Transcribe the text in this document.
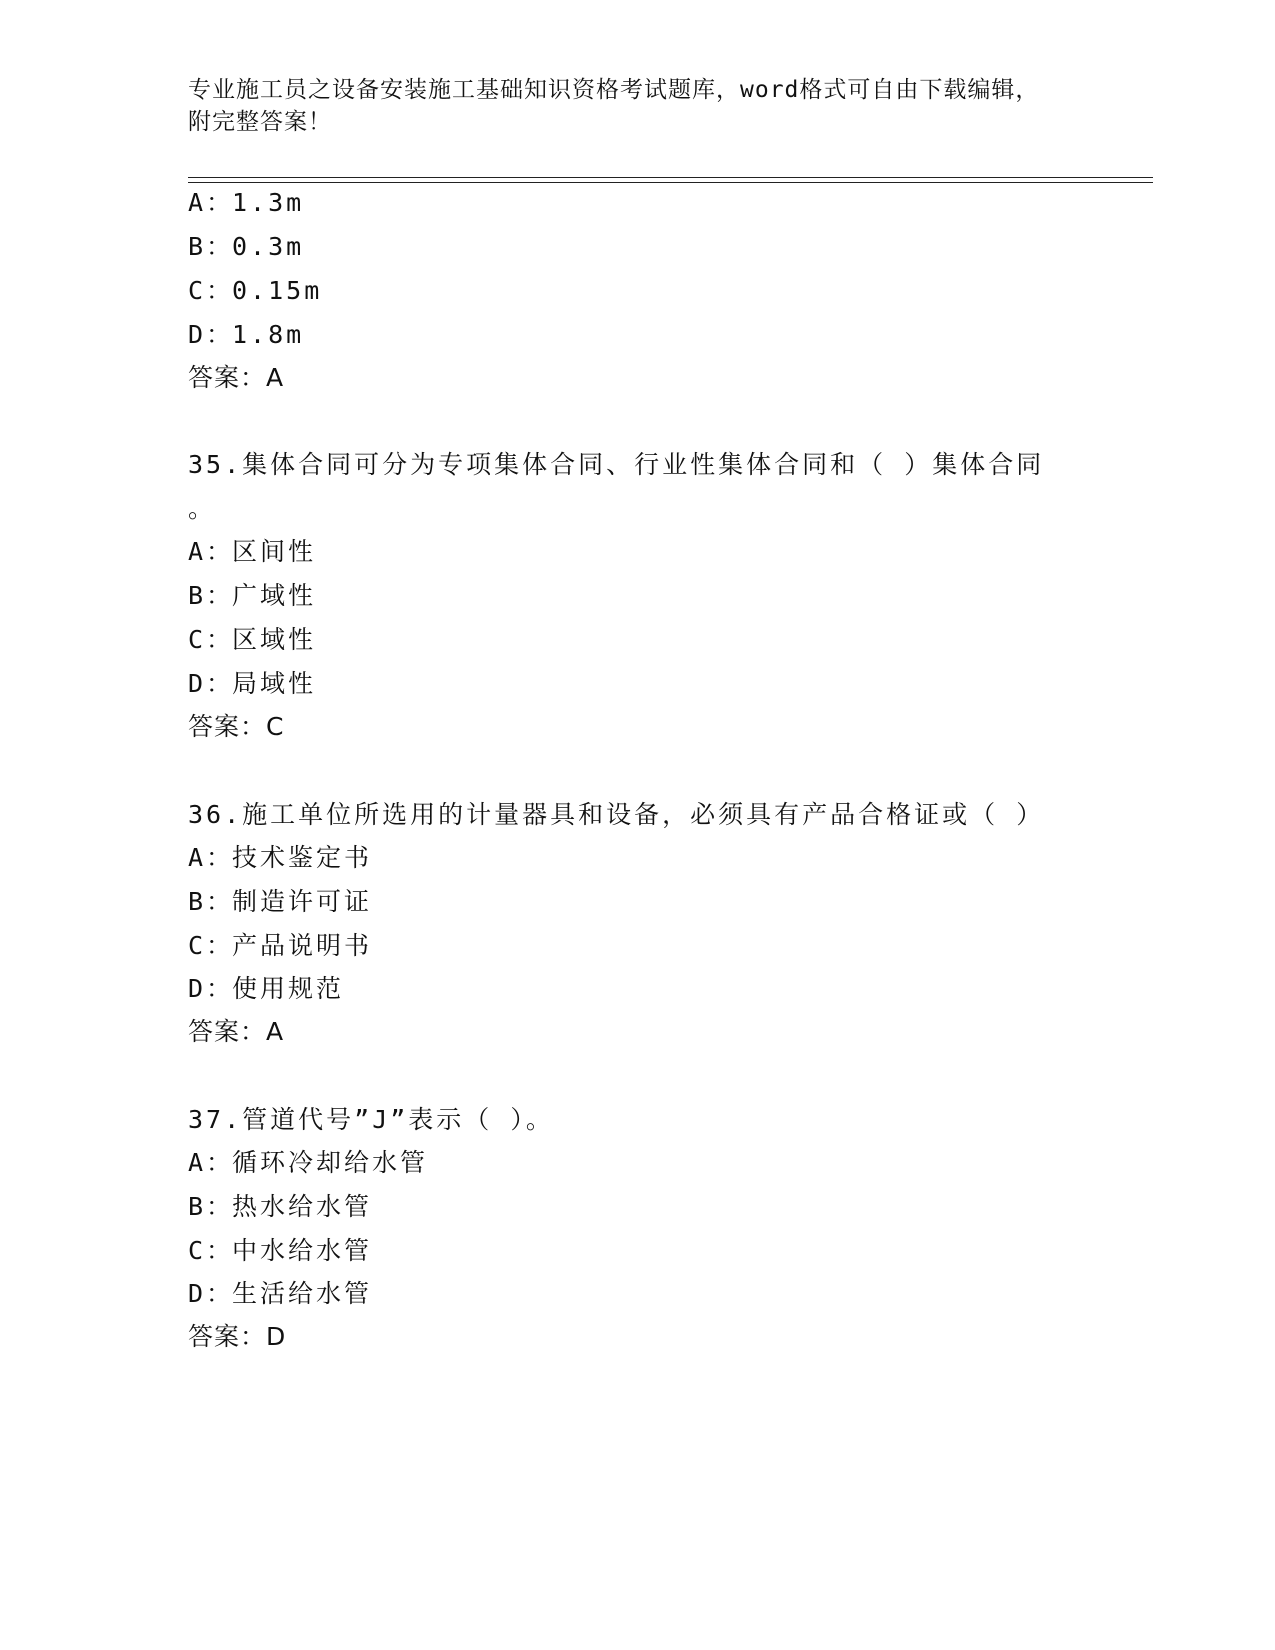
专业施工员之设备安装施工基础知识资格考试题库，word格式可自由下载编辑，
附完整答案！
A：1.3m
B：0.3m
C：0.15m
D：1.8m
答案：A
35.集体合同可分为专项集体合同、行业性集体合同和（ ）集体合同
。
A：区间性
B：广域性
C：区域性
D：局域性
答案：C
36.施工单位所选用的计量器具和设备，必须具有产品合格证或（ ）
A：技术鉴定书
B：制造许可证
C：产品说明书
D：使用规范
答案：A
37.管道代号”J”表示（ ）。
A：循环冷却给水管
B：热水给水管
C：中水给水管
D：生活给水管
答案：D
